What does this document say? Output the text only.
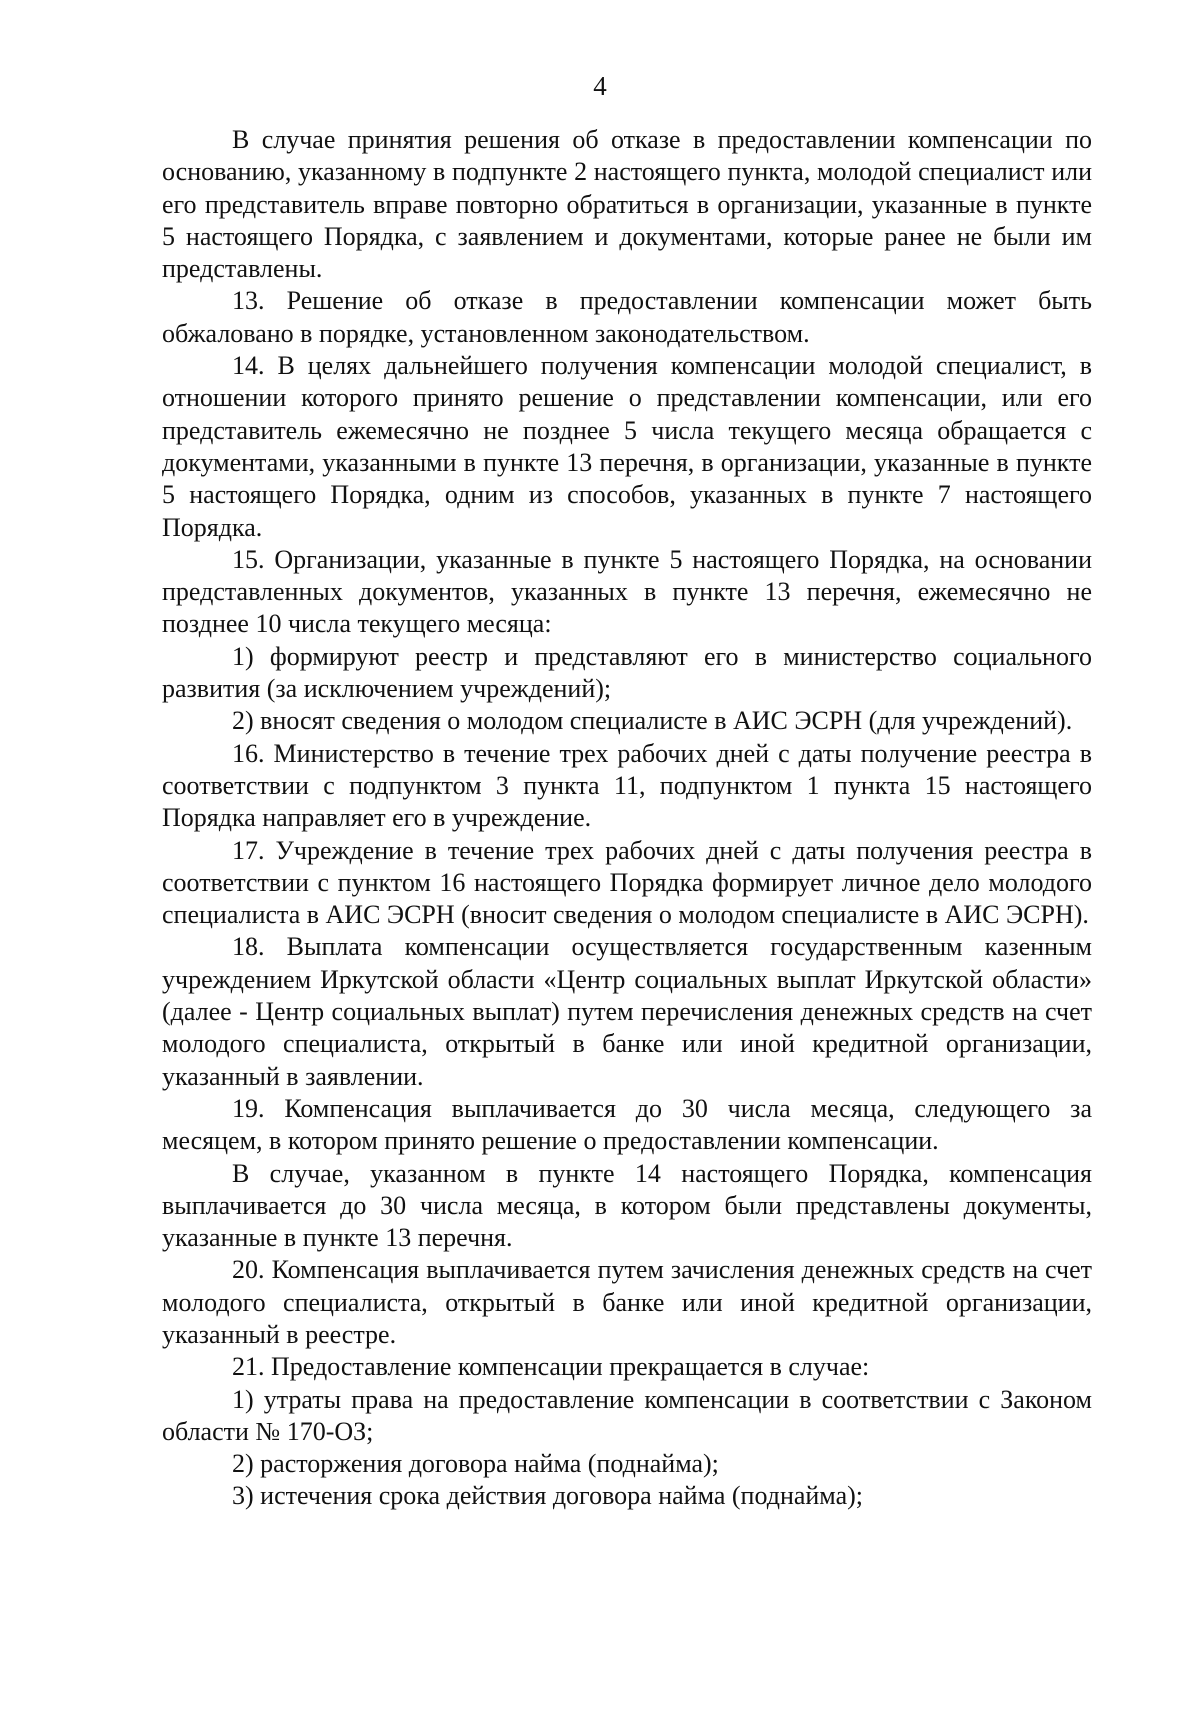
4

В случае принятия решения об отказе в предоставлении компенсации по основанию, указанному в подпункте 2 настоящего пункта, молодой специалист или его представитель вправе повторно обратиться в организации, указанные в пункте 5 настоящего Порядка, с заявлением и документами, которые ранее не были им представлены.

13. Решение об отказе в предоставлении компенсации может быть обжаловано в порядке, установленном законодательством.

14. В целях дальнейшего получения компенсации молодой специалист, в отношении которого принято решение о представлении компенсации, или его представитель ежемесячно не позднее 5 числа текущего месяца обращается с документами, указанными в пункте 13 перечня, в организации, указанные в пункте 5 настоящего Порядка, одним из способов, указанных в пункте 7 настоящего Порядка.

15. Организации, указанные в пункте 5 настоящего Порядка, на основании представленных документов, указанных в пункте 13 перечня, ежемесячно не позднее 10 числа текущего месяца:

1) формируют реестр и представляют его в министерство социального развития (за исключением учреждений);

2) вносят сведения о молодом специалисте в АИС ЭСРН (для учреждений).

16. Министерство в течение трех рабочих дней с даты получение реестра в соответствии с подпунктом 3 пункта 11, подпунктом 1 пункта 15 настоящего Порядка направляет его в учреждение.

17. Учреждение в течение трех рабочих дней с даты получения реестра в соответствии с пунктом 16 настоящего Порядка формирует личное дело молодого специалиста в АИС ЭСРН (вносит сведения о молодом специалисте в АИС ЭСРН).

18. Выплата компенсации осуществляется государственным казенным учреждением Иркутской области «Центр социальных выплат Иркутской области» (далее - Центр социальных выплат) путем перечисления денежных средств на счет молодого специалиста, открытый в банке или иной кредитной организации, указанный в заявлении.

19. Компенсация выплачивается до 30 числа месяца, следующего за месяцем, в котором принято решение о предоставлении компенсации.

В случае, указанном в пункте 14 настоящего Порядка, компенсация выплачивается до 30 числа месяца, в котором были представлены документы, указанные в пункте 13 перечня.

20. Компенсация выплачивается путем зачисления денежных средств на счет молодого специалиста, открытый в банке или иной кредитной организации, указанный в реестре.

21. Предоставление компенсации прекращается в случае:

1) утраты права на предоставление компенсации в соответствии с Законом области № 170-ОЗ;

2) расторжения договора найма (поднайма);

3) истечения срока действия договора найма (поднайма);
